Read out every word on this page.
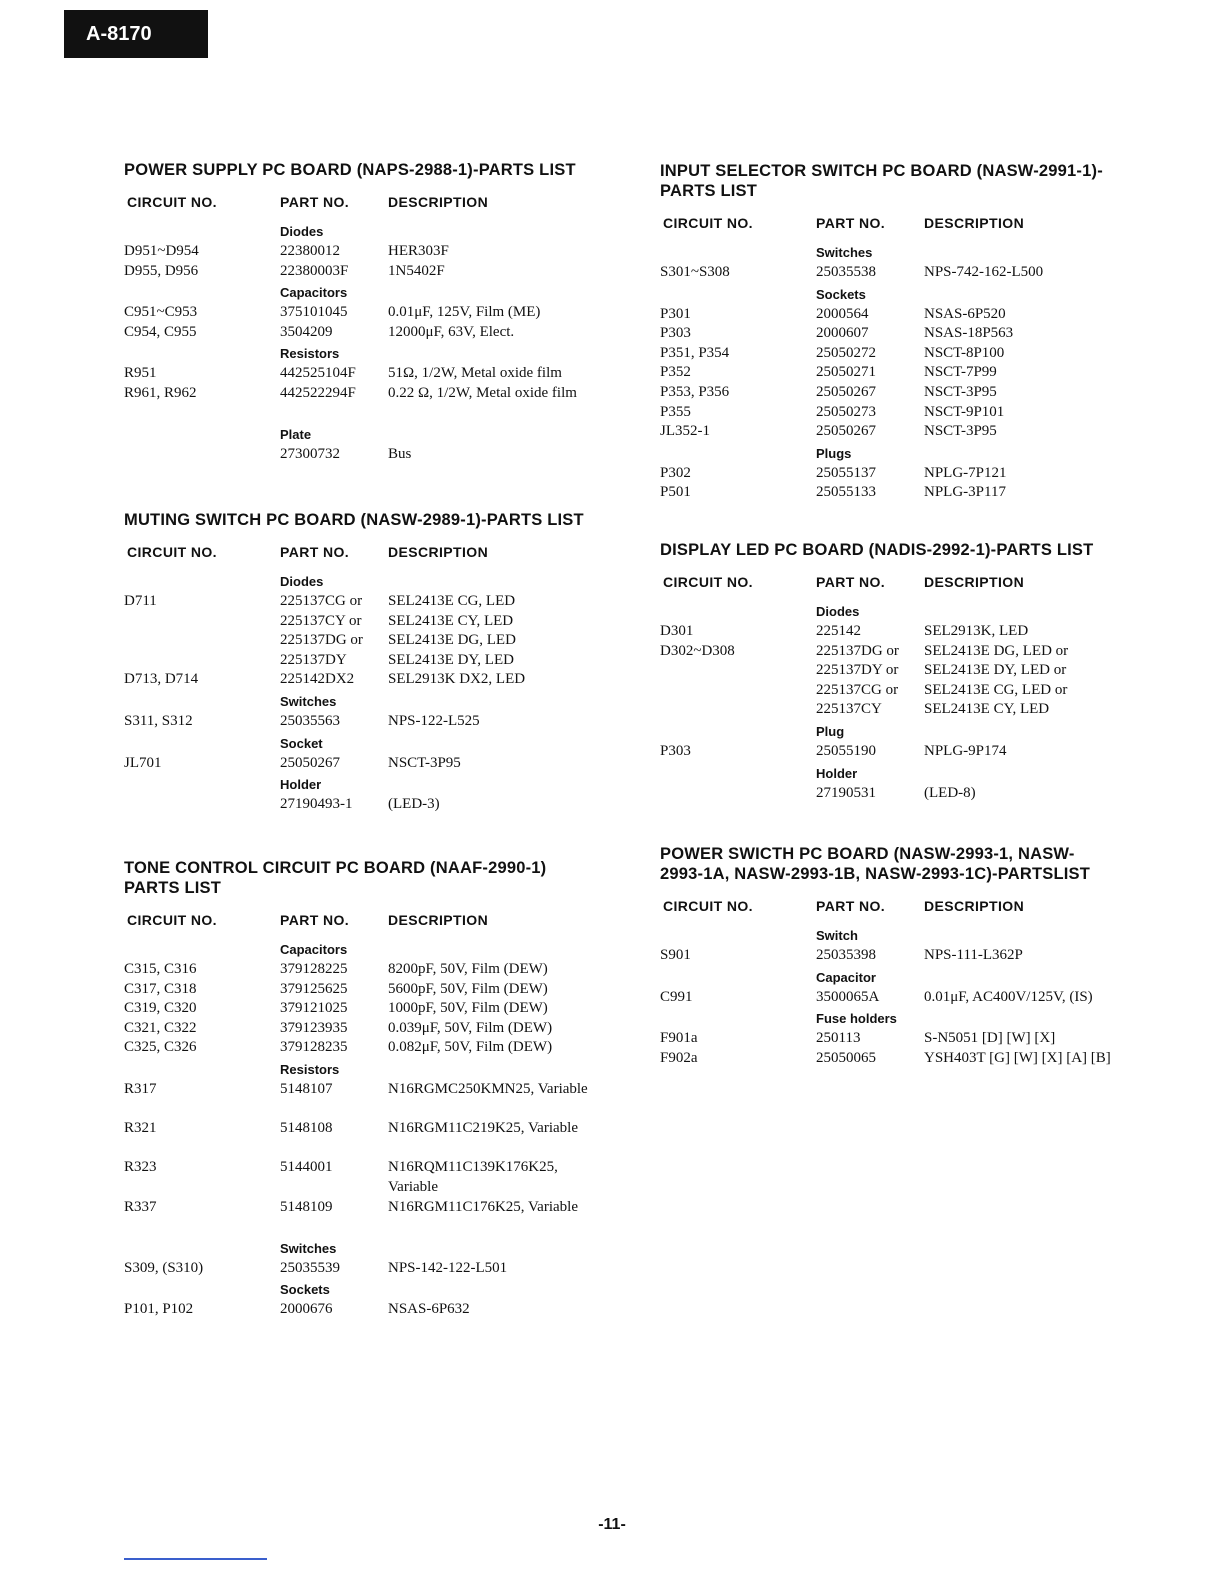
A-8170
POWER SUPPLY PC BOARD (NAPS-2988-1)-PARTS LIST
CIRCUIT NO.	PART NO.	DESCRIPTION
Diodes
D951~D954	22380012	HER303F
D955, D956	22380003F	1N5402F
Capacitors
C951~C953	375101045	0.01μF, 125V, Film (ME)
C954, C955	3504209	12000μF, 63V, Elect.
Resistors
R951	442525104F	51Ω, 1/2W, Metal oxide film
R961, R962	442522294F	0.22 Ω, 1/2W, Metal oxide film
Plate
27300732	Bus
MUTING SWITCH PC BOARD (NASW-2989-1)-PARTS LIST
CIRCUIT NO.	PART NO.	DESCRIPTION
Diodes
D711	225137CG or	SEL2413E CG, LED
225137CY or	SEL2413E CY, LED
225137DG or	SEL2413E DG, LED
225137DY	SEL2413E DY, LED
D713, D714	225142DX2	SEL2913K DX2, LED
Switches
S311, S312	25035563	NPS-122-L525
Socket
JL701	25050267	NSCT-3P95
Holder
27190493-1	(LED-3)
TONE CONTROL CIRCUIT PC BOARD (NAAF-2990-1)
PARTS LIST
CIRCUIT NO.	PART NO.	DESCRIPTION
Capacitors
C315, C316	379128225	8200pF, 50V, Film (DEW)
C317, C318	379125625	5600pF, 50V, Film (DEW)
C319, C320	379121025	1000pF, 50V, Film (DEW)
C321, C322	379123935	0.039μF, 50V, Film (DEW)
C325, C326	379128235	0.082μF, 50V, Film (DEW)
Resistors
R317	5148107	N16RGMC250KMN25, Variable
R321	5148108	N16RGM11C219K25, Variable
R323	5144001	N16RQM11C139K176K25, Variable
R337	5148109	N16RGM11C176K25, Variable
Switches
S309, (S310)	25035539	NPS-142-122-L501
Sockets
P101, P102	2000676	NSAS-6P632
INPUT SELECTOR SWITCH PC BOARD (NASW-2991-1)-
PARTS LIST
CIRCUIT NO.	PART NO.	DESCRIPTION
Switches
S301~S308	25035538	NPS-742-162-L500
Sockets
P301	2000564	NSAS-6P520
P303	2000607	NSAS-18P563
P351, P354	25050272	NSCT-8P100
P352	25050271	NSCT-7P99
P353, P356	25050267	NSCT-3P95
P355	25050273	NSCT-9P101
JL352-1	25050267	NSCT-3P95
Plugs
P302	25055137	NPLG-7P121
P501	25055133	NPLG-3P117
DISPLAY LED PC BOARD (NADIS-2992-1)-PARTS LIST
CIRCUIT NO.	PART NO.	DESCRIPTION
Diodes
D301	225142	SEL2913K, LED
D302~D308	225137DG or	SEL2413E DG, LED or
225137DY or	SEL2413E DY, LED or
225137CG or	SEL2413E CG, LED or
225137CY	SEL2413E CY, LED
Plug
P303	25055190	NPLG-9P174
Holder
27190531	(LED-8)
POWER SWICTH PC BOARD (NASW-2993-1, NASW-
2993-1A, NASW-2993-1B, NASW-2993-1C)-PARTSLIST
CIRCUIT NO.	PART NO.	DESCRIPTION
Switch
S901	25035398	NPS-111-L362P
Capacitor
C991	3500065A	0.01μF, AC400V/125V, (IS)
Fuse holders
F901a	250113	S-N5051 [D] [W] [X]
F902a	25050065	YSH403T [G] [W] [X] [A] [B]
-11-
